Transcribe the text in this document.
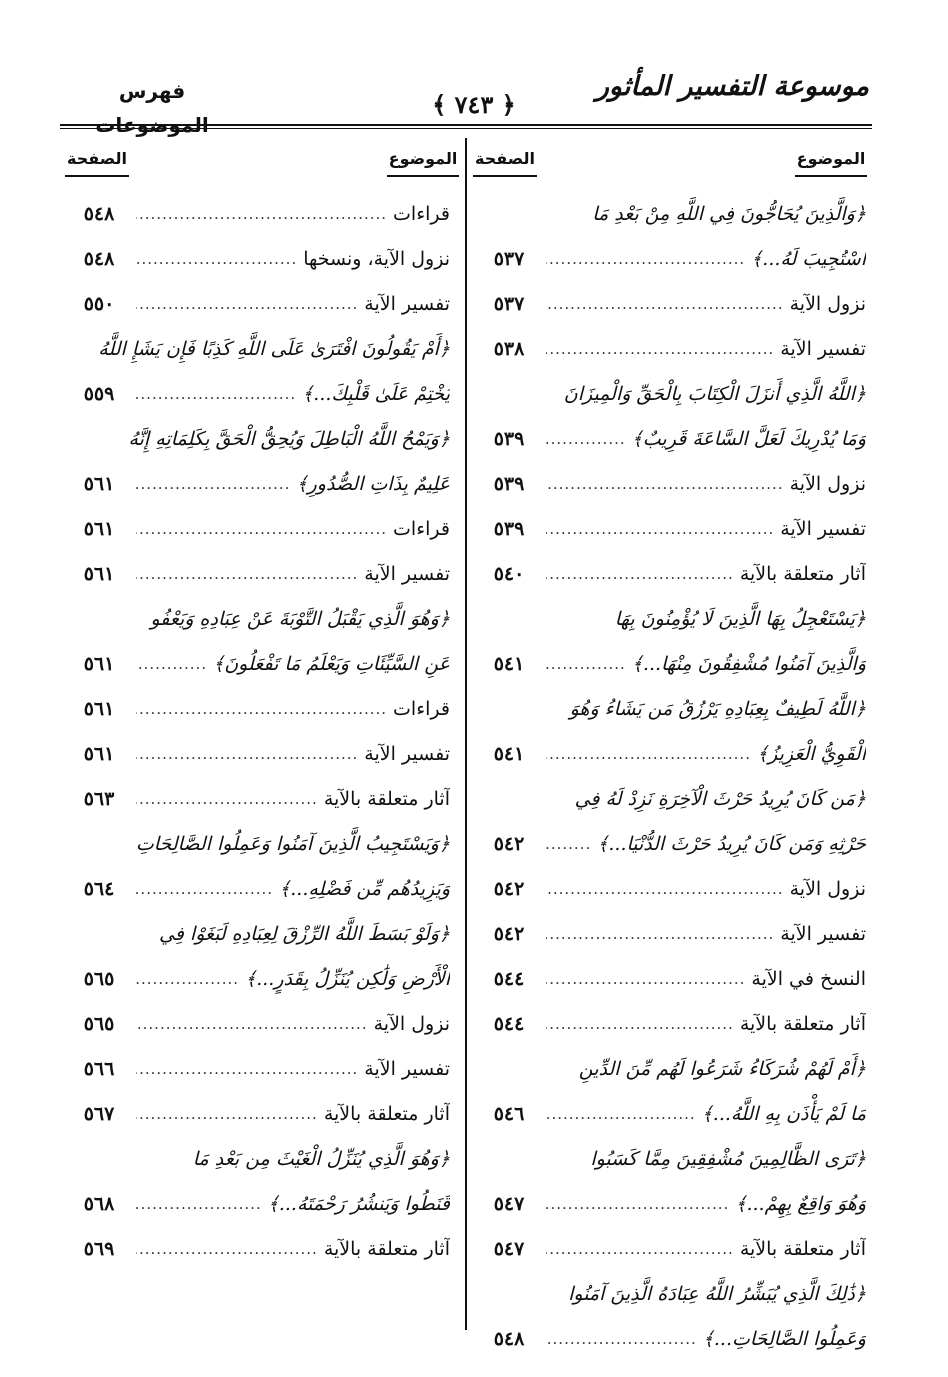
موسوعة التفسير المأثور
﴿ ٧٤٣ ﴾
فهرس الموضوعات
الموضوع
الصفحة
الموضوع
الصفحة
﴿وَالَّذِينَ يُحَاجُّونَ فِي اللَّهِ مِنْ بَعْدِ مَا
اسْتُجِيبَ لَهُ...﴾
.....
٥٣٧
نزول الآية
.....
٥٣٧
تفسير الآية
.....
٥٣٨
﴿اللَّهُ الَّذِي أَنزَلَ الْكِتَابَ بِالْحَقِّ وَالْمِيزَانَ
وَمَا يُدْرِيكَ لَعَلَّ السَّاعَةَ قَرِيبٌ﴾
.....
٥٣٩
نزول الآية
.....
٥٣٩
تفسير الآية
.....
٥٣٩
آثار متعلقة بالآية
.....
٥٤٠
﴿يَسْتَعْجِلُ بِهَا الَّذِينَ لَا يُؤْمِنُونَ بِهَا
وَالَّذِينَ آمَنُوا مُشْفِقُونَ مِنْهَا...﴾
.....
٥٤١
﴿اللَّهُ لَطِيفٌ بِعِبَادِهِ يَرْزُقُ مَن يَشَاءُ وَهُوَ
الْقَوِيُّ الْعَزِيزُ﴾
.....
٥٤١
﴿مَن كَانَ يُرِيدُ حَرْثَ الْآخِرَةِ نَزِدْ لَهُ فِي
حَرْثِهِ وَمَن كَانَ يُرِيدُ حَرْثَ الدُّنْيَا...﴾
.....
٥٤٢
نزول الآية
.....
٥٤٢
تفسير الآية
.....
٥٤٢
النسخ في الآية
.....
٥٤٤
آثار متعلقة بالآية
.....
٥٤٤
﴿أَمْ لَهُمْ شُرَكَاءُ شَرَعُوا لَهُم مِّنَ الدِّينِ
مَا لَمْ يَأْذَن بِهِ اللَّهُ...﴾
.....
٥٤٦
﴿تَرَى الظَّالِمِينَ مُشْفِقِينَ مِمَّا كَسَبُوا
وَهُوَ وَاقِعٌ بِهِمْ...﴾
.....
٥٤٧
آثار متعلقة بالآية
.....
٥٤٧
﴿ذَٰلِكَ الَّذِي يُبَشِّرُ اللَّهُ عِبَادَهُ الَّذِينَ آمَنُوا
وَعَمِلُوا الصَّالِحَاتِ...﴾
.....
٥٤٨
قراءات
.....
٥٤٨
نزول الآية، ونسخها
.....
٥٤٨
تفسير الآية
.....
٥٥٠
﴿أَمْ يَقُولُونَ افْتَرَىٰ عَلَى اللَّهِ كَذِبًا فَإِن يَشَإِ اللَّهُ
يَخْتِمْ عَلَىٰ قَلْبِكَ...﴾
.....
٥٥٩
﴿وَيَمْحُ اللَّهُ الْبَاطِلَ وَيُحِقُّ الْحَقَّ بِكَلِمَاتِهِ إِنَّهُ
عَلِيمٌ بِذَاتِ الصُّدُورِ﴾
.....
٥٦١
قراءات
.....
٥٦١
تفسير الآية
.....
٥٦١
﴿وَهُوَ الَّذِي يَقْبَلُ التَّوْبَةَ عَنْ عِبَادِهِ وَيَعْفُو
عَنِ السَّيِّئَاتِ وَيَعْلَمُ مَا تَفْعَلُونَ﴾
.....
٥٦١
قراءات
.....
٥٦١
تفسير الآية
.....
٥٦١
آثار متعلقة بالآية
.....
٥٦٣
﴿وَيَسْتَجِيبُ الَّذِينَ آمَنُوا وَعَمِلُوا الصَّالِحَاتِ
وَيَزِيدُهُم مِّن فَضْلِهِ...﴾
.....
٥٦٤
﴿وَلَوْ بَسَطَ اللَّهُ الرِّزْقَ لِعِبَادِهِ لَبَغَوْا فِي
الْأَرْضِ وَلَٰكِن يُنَزِّلُ بِقَدَرٍ...﴾
.....
٥٦٥
نزول الآية
.....
٥٦٥
تفسير الآية
.....
٥٦٦
آثار متعلقة بالآية
.....
٥٦٧
﴿وَهُوَ الَّذِي يُنَزِّلُ الْغَيْثَ مِن بَعْدِ مَا
قَنَطُوا وَيَنشُرُ رَحْمَتَهُ...﴾
.....
٥٦٨
آثار متعلقة بالآية
.....
٥٦٩
